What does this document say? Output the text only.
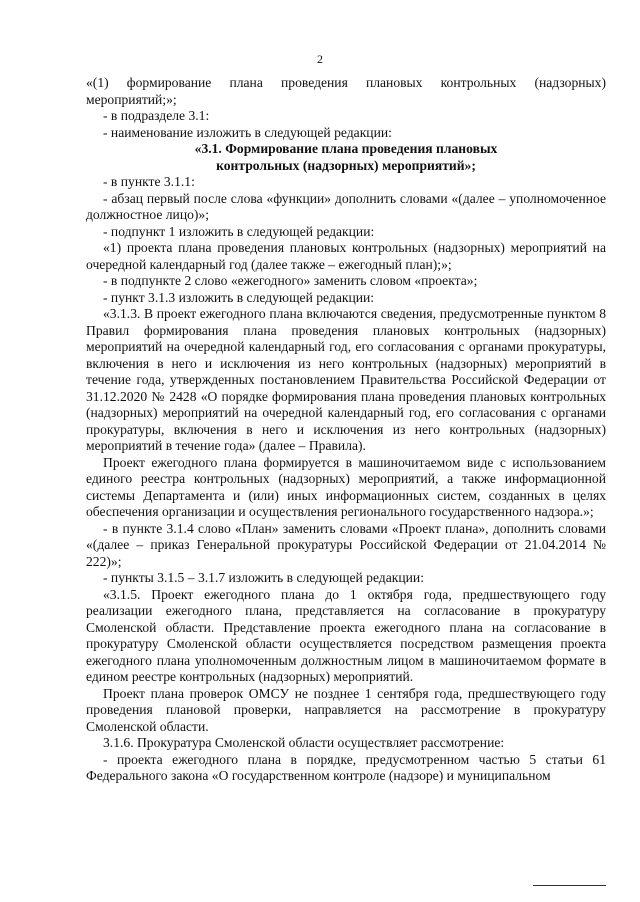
2

«(1) формирование плана проведения плановых контрольных (надзорных) мероприятий;»;

- в подразделе 3.1:

- наименование изложить в следующей редакции:

«3.1. Формирование плана проведения плановых
контрольных (надзорных) мероприятий»;

- в пункте 3.1.1:

- абзац первый после слова «функции» дополнить словами «(далее – уполномоченное должностное лицо)»;

- подпункт 1 изложить в следующей редакции:

«1) проекта плана проведения плановых контрольных (надзорных) мероприятий на очередной календарный год (далее также – ежегодный план);»;

- в подпункте 2 слово «ежегодного» заменить словом «проекта»;

- пункт 3.1.3 изложить в следующей редакции:

«3.1.3. В проект ежегодного плана включаются сведения, предусмотренные пунктом 8 Правил формирования плана проведения плановых контрольных (надзорных) мероприятий на очередной календарный год, его согласования с органами прокуратуры, включения в него и исключения из него контрольных (надзорных) мероприятий в течение года, утвержденных постановлением Правительства Российской Федерации от 31.12.2020 № 2428 «О порядке формирования плана проведения плановых контрольных (надзорных) мероприятий на очередной календарный год, его согласования с органами прокуратуры, включения в него и исключения из него контрольных (надзорных) мероприятий в течение года» (далее – Правила).

Проект ежегодного плана формируется в машиночитаемом виде с использованием единого реестра контрольных (надзорных) мероприятий, а также информационной системы Департамента и (или) иных информационных систем, созданных в целях обеспечения организации и осуществления регионального государственного надзора.»;

- в пункте 3.1.4 слово «План» заменить словами «Проект плана», дополнить словами «(далее – приказ Генеральной прокуратуры Российской Федерации от 21.04.2014 № 222)»;

- пункты 3.1.5 – 3.1.7 изложить в следующей редакции:

«3.1.5. Проект ежегодного плана до 1 октября года, предшествующего году реализации ежегодного плана, представляется на согласование в прокуратуру Смоленской области. Представление проекта ежегодного плана на согласование в прокуратуру Смоленской области осуществляется посредством размещения проекта ежегодного плана уполномоченным должностным лицом в машиночитаемом формате в едином реестре контрольных (надзорных) мероприятий.

Проект плана проверок ОМСУ не позднее 1 сентября года, предшествующего году проведения плановой проверки, направляется на рассмотрение в прокуратуру Смоленской области.

3.1.6. Прокуратура Смоленской области осуществляет рассмотрение:

- проекта ежегодного плана в порядке, предусмотренном частью 5 статьи 61 Федерального закона «О государственном контроле (надзоре) и муниципальном
